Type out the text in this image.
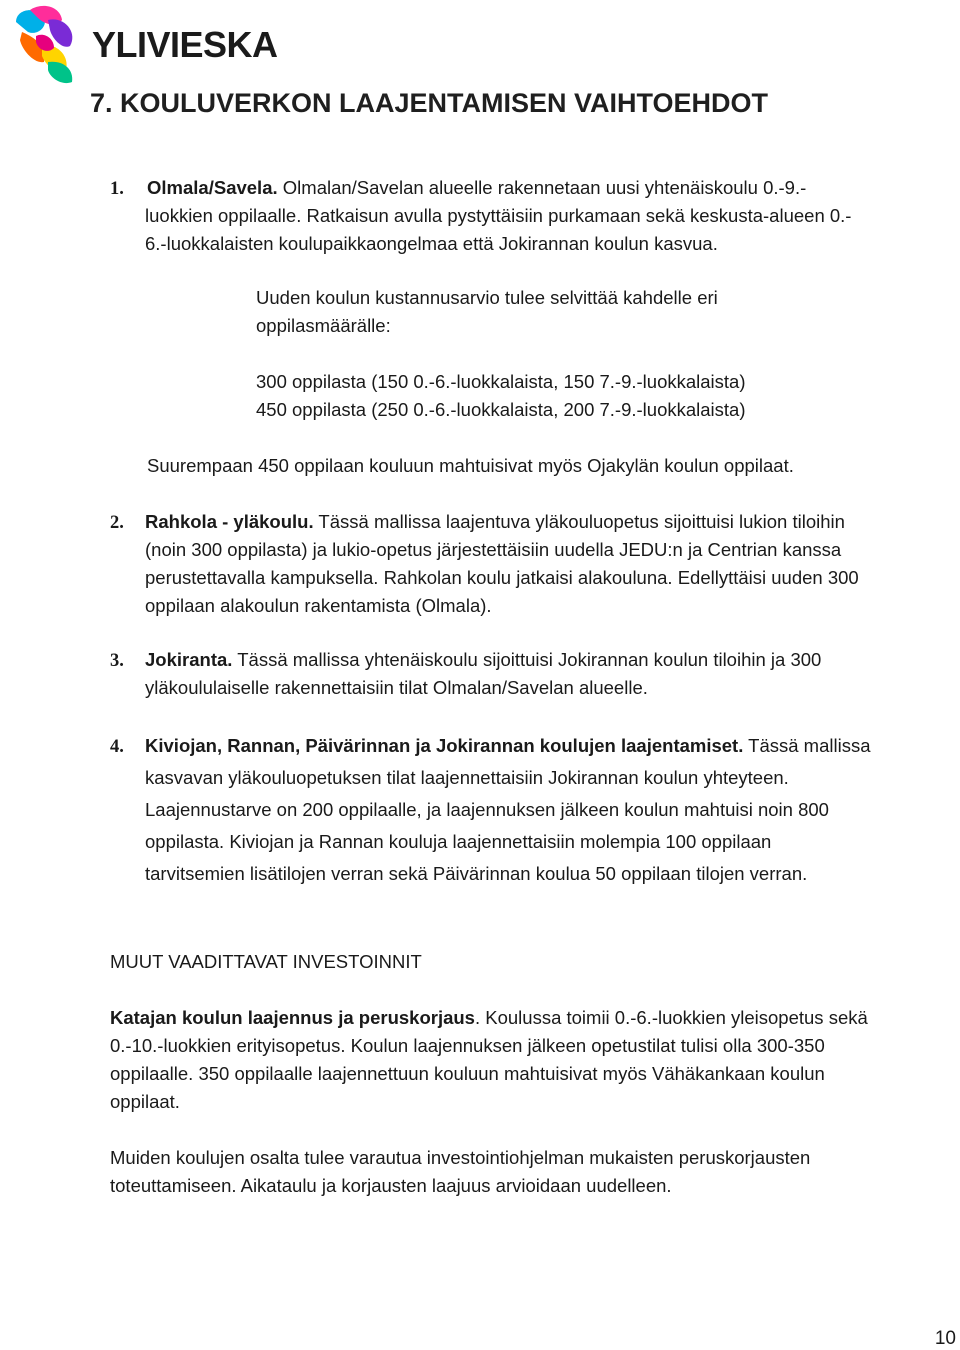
YLIVIESKA
7. KOULUVERKON LAAJENTAMISEN VAIHTOEHDOT
1. Olmala/Savela. Olmalan/Savelan alueelle rakennetaan uusi yhtenäiskoulu 0.-9.-
luokkien oppilaalle. Ratkaisun avulla pystyttäisiin purkamaan sekä keskusta-alueen 0.-
6.-luokkalaisten koulupaikkaongelmaa että Jokirannan koulun kasvua.
Uuden koulun kustannusarvio tulee selvittää kahdelle eri
oppilasmäärälle:
300 oppilasta (150 0.-6.-luokkalaista, 150 7.-9.-luokkalaista)
450 oppilasta (250 0.-6.-luokkalaista, 200 7.-9.-luokkalaista)
Suurempaan 450 oppilaan kouluun mahtuisivat myös Ojakylän koulun oppilaat.
2. Rahkola - yläkoulu. Tässä mallissa laajentuva yläkouluopetus sijoittuisi lukion tiloihin
(noin 300 oppilasta) ja lukio-opetus järjestettäisiin uudella JEDU:n ja Centrian kanssa
perustettavalla kampuksella. Rahkolan koulu jatkaisi alakouluna. Edellyttäisi uuden 300
oppilaan alakoulun rakentamista (Olmala).
3. Jokiranta. Tässä mallissa yhtenäiskoulu sijoittuisi Jokirannan koulun tiloihin ja 300
yläkoululaiselle rakennettaisiin tilat Olmalan/Savelan alueelle.
4. Kiviojan, Rannan, Päivärinnan ja Jokirannan koulujen laajentamiset. Tässä mallissa
kasvavan yläkouluopetuksen tilat laajennettaisiin Jokirannan koulun yhteyteen.
Laajennustarve on 200 oppilaalle, ja laajennuksen jälkeen koulun mahtuisi noin 800
oppilasta. Kiviojan ja Rannan kouluja laajennettaisiin molempia 100 oppilaan
tarvitsemien lisätilojen verran sekä Päivärinnan koulua 50 oppilaan tilojen verran.
MUUT VAADITTAVAT INVESTOINNIT
Katajan koulun laajennus ja peruskorjaus. Koulussa toimii 0.-6.-luokkien yleisopetus sekä
0.-10.-luokkien erityisopetus. Koulun laajennuksen jälkeen opetustilat tulisi olla 300-350
oppilaalle. 350 oppilaalle laajennettuun kouluun mahtuisivat myös Vähäkankaan koulun
oppilaat.
Muiden koulujen osalta tulee varautua investointiohjelman mukaisten peruskorjausten
toteuttamiseen. Aikataulu ja korjausten laajuus arvioidaan uudelleen.
10
